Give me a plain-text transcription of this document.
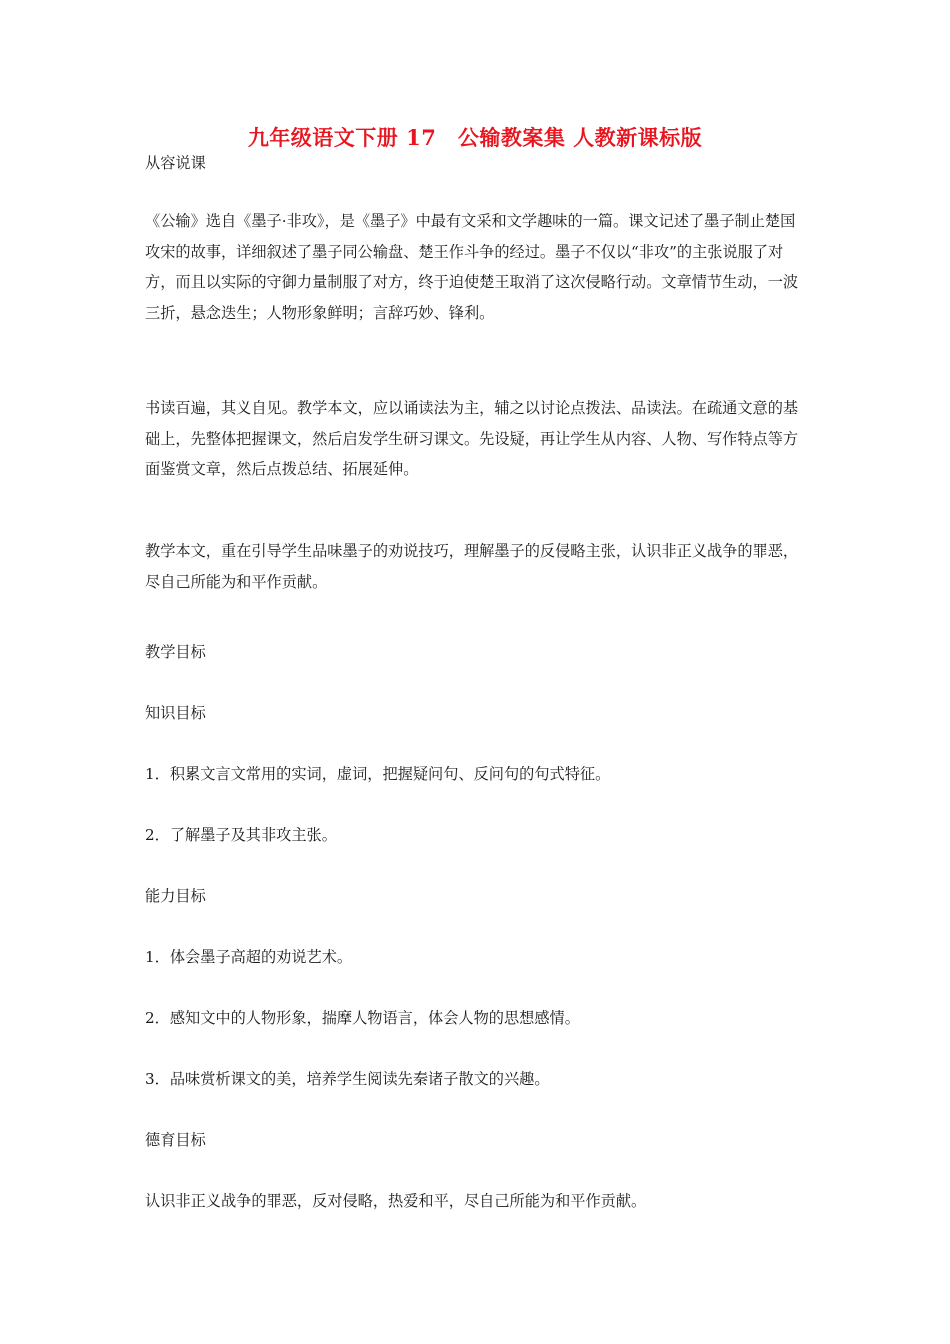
九年级语文下册 17　公输教案集 人教新课标版

从容说课

《公输》选自《墨子·非攻》，是《墨子》中最有文采和文学趣味的一篇。课文记述了墨子制止楚国攻宋的故事，详细叙述了墨子同公输盘、楚王作斗争的经过。墨子不仅以“非攻”的主张说服了对方，而且以实际的守御力量制服了对方，终于迫使楚王取消了这次侵略行动。文章情节生动，一波三折，悬念迭生；人物形象鲜明；言辞巧妙、锋利。

书读百遍，其义自见。教学本文，应以诵读法为主，辅之以讨论点拨法、品读法。在疏通文意的基础上，先整体把握课文，然后启发学生研习课文。先设疑，再让学生从内容、人物、写作特点等方面鉴赏文章，然后点拨总结、拓展延伸。

教学本文，重在引导学生品味墨子的劝说技巧，理解墨子的反侵略主张，认识非正义战争的罪恶，尽自己所能为和平作贡献。

教学目标

知识目标

1．积累文言文常用的实词，虚词，把握疑问句、反问句的句式特征。

2．了解墨子及其非攻主张。

能力目标

1．体会墨子高超的劝说艺术。

2．感知文中的人物形象，揣摩人物语言，体会人物的思想感情。

3．品味赏析课文的美，培养学生阅读先秦诸子散文的兴趣。

德育目标

认识非正义战争的罪恶，反对侵略，热爱和平，尽自己所能为和平作贡献。
